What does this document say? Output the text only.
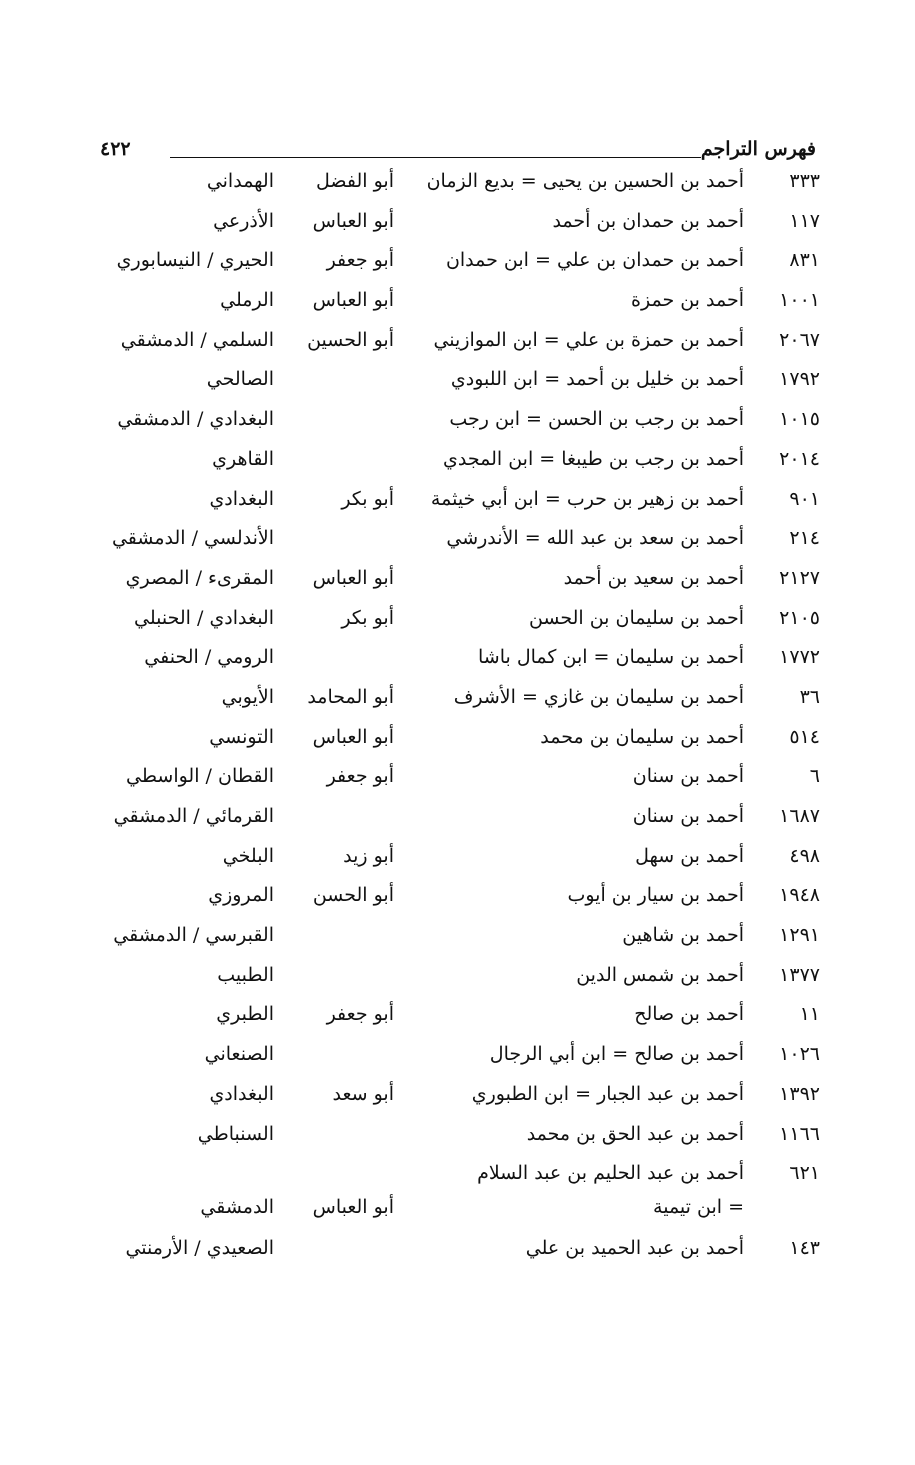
فهرس التراجم
٤٢٢
٣٣٣
أحمد بن الحسين بن يحيى = بديع الزمان
أبو الفضل
الهمداني
١١٧
أحمد بن حمدان بن أحمد
أبو العباس
الأذرعي
٨٣١
أحمد بن حمدان بن علي = ابن حمدان
أبو جعفر
الحيري / النيسابوري
١٠٠١
أحمد بن حمزة
أبو العباس
الرملي
٢٠٦٧
أحمد بن حمزة بن علي = ابن الموازيني
أبو الحسين
السلمي / الدمشقي
١٧٩٢
أحمد بن خليل بن أحمد = ابن اللبودي
الصالحي
١٠١٥
أحمد بن رجب بن الحسن = ابن رجب
البغدادي / الدمشقي
٢٠١٤
أحمد بن رجب بن طيبغا = ابن المجدي
القاهري
٩٠١
أحمد بن زهير بن حرب = ابن أبي خيثمة
أبو بكر
البغدادي
٢١٤
أحمد بن سعد بن عبد الله = الأندرشي
الأندلسي / الدمشقي
٢١٢٧
أحمد بن سعيد بن أحمد
أبو العباس
المقرىء / المصري
٢١٠٥
أحمد بن سليمان بن الحسن
أبو بكر
البغدادي / الحنبلي
١٧٧٢
أحمد بن سليمان = ابن كمال باشا
الرومي / الحنفي
٣٦
أحمد بن سليمان بن غازي = الأشرف
أبو المحامد
الأيوبي
٥١٤
أحمد بن سليمان بن محمد
أبو العباس
التونسي
٦
أحمد بن سنان
أبو جعفر
القطان / الواسطي
١٦٨٧
أحمد بن سنان
القرمائي / الدمشقي
٤٩٨
أحمد بن سهل
أبو زيد
البلخي
١٩٤٨
أحمد بن سيار بن أيوب
أبو الحسن
المروزي
١٢٩١
أحمد بن شاهين
القبرسي / الدمشقي
١٣٧٧
أحمد بن شمس الدين
الطبيب
١١
أحمد بن صالح
أبو جعفر
الطبري
١٠٢٦
أحمد بن صالح = ابن أبي الرجال
الصنعاني
١٣٩٢
أحمد بن عبد الجبار = ابن الطبوري
أبو سعد
البغدادي
١١٦٦
أحمد بن عبد الحق بن محمد
السنباطي
٦٢١
أحمد بن عبد الحليم بن عبد السلام
= ابن تيمية
أبو العباس
الدمشقي
١٤٣
أحمد بن عبد الحميد بن علي
الصعيدي / الأرمنتي
